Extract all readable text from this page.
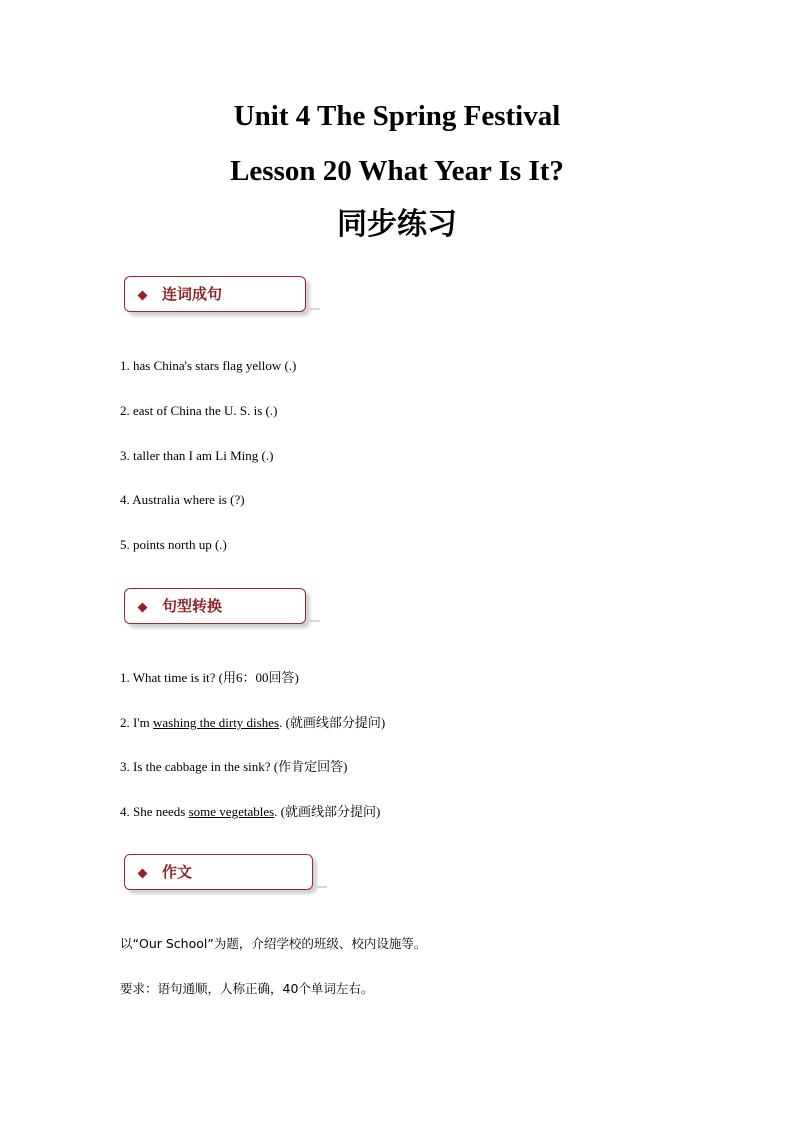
Unit 4 The Spring Festival
Lesson 20 What Year Is It?
同步练习
连词成句

1. has China's stars flag yellow (.)

2. east of China the U. S. is (.)

3. taller than I am Li Ming (.)

4. Australia where is (?)

5. points north up (.)

句型转换

1. What time is it? (用6：00回答)

2. I'm washing the dirty dishes. (就画线部分提问)

3. Is the cabbage in the sink? (作肯定回答)

4. She needs some vegetables. (就画线部分提问)

作文

以“Our School”为题，介绍学校的班级、校内设施等。

要求：语句通顺，人称正确，40个单词左右。
